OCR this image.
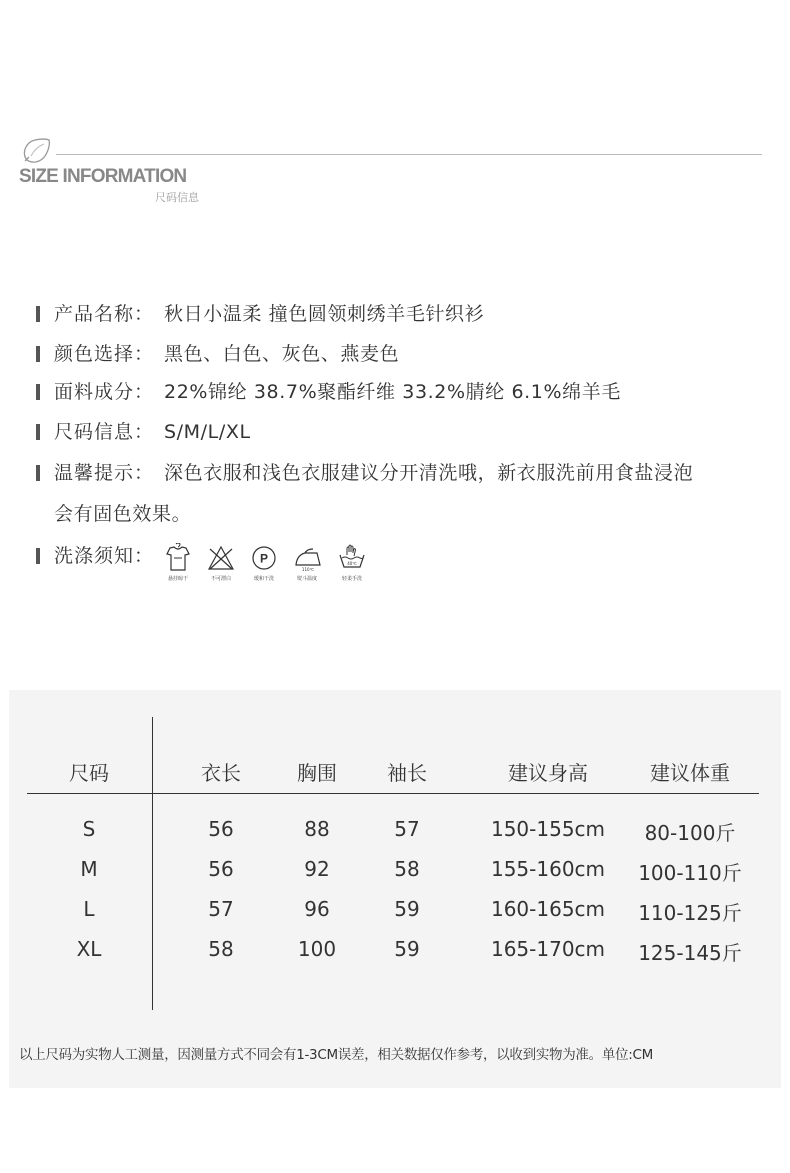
SIZE INFORMATION
尺码信息
产品名称： 秋日小温柔 撞色圆领刺绣羊毛针织衫
颜色选择： 黑色、白色、灰色、燕麦色
面料成分： 22%锦纶 38.7%聚酯纤维 33.2%腈纶 6.1%绵羊毛
尺码信息： S/M/L/XL
温馨提示： 深色衣服和浅色衣服建议分开清洗哦，新衣服洗前用食盐浸泡
会有固色效果。
洗涤须知：
悬挂晾干	不可漂白
P
缓和干洗
110℃
熨斗温度
40℃
轻柔手洗
尺码	衣长	胸围	袖长	建议身高	建议体重
S	56	88	57	150-155cm 80-100斤
M	56	92	58	155-160cm 100-110斤
L	57	96	59	160-165cm 110-125斤
XL	58	100	59	165-170cm 125-145斤
以上尺码为实物人工测量，因测量方式不同会有1-3CM误差，相关数据仅作参考，以收到实物为准。单位:CM
